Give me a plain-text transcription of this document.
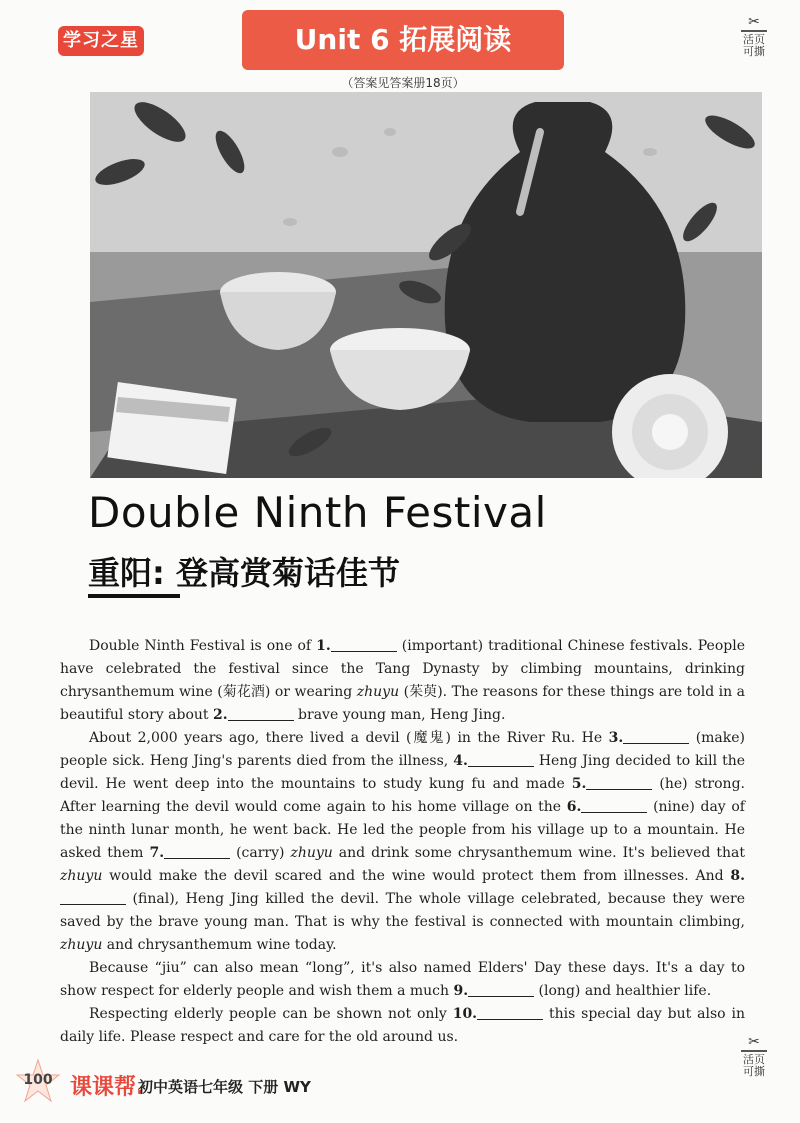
学习之星	Unit 6 拓展阅读
（答案见答案册18页）
✂
活页可撕
Double Ninth Festival
重阳: 登高赏菊话佳节

Double Ninth Festival is one of 1.	(important) traditional Chinese festivals. People have celebrated the festival since the Tang Dynasty by climbing mountains, drinking chrysanthemum wine (菊花酒) or wearing zhuyu (茱萸). The reasons for these things are told in a beautiful story about 2.	brave young man, Heng Jing.

About 2,000 years ago, there lived a devil (魔鬼) in the River Ru. He 3.	(make) people sick. Heng Jing's parents died from the illness, 4.	Heng Jing decided to kill the devil. He went deep into the mountains to study kung fu and made 5.	(he) strong. After learning the devil would come again to his home village on the 6.	(nine) day of the ninth lunar month, he went back. He led the people from his village up to a mountain. He asked them 7.	(carry) zhuyu and drink some chrysanthemum wine. It's believed that zhuyu would make the devil scared and the wine would protect them from illnesses. And 8. (final), Heng Jing killed the devil. The whole village celebrated, because they were saved by the brave young man. That is why the festival is connected with mountain climbing, zhuyu and chrysanthemum wine today.

Because “jiu” can also mean “long”, it's also named Elders' Day these days. It's a day to show respect for elderly people and wish them a much 9.	(long) and healthier life.

Respecting elderly people can be shown not only 10.	this special day but also in daily life. Please respect and care for the old around us.	✂
活页可撕
100 课课帮.
初中英语七年级 下册 WY
